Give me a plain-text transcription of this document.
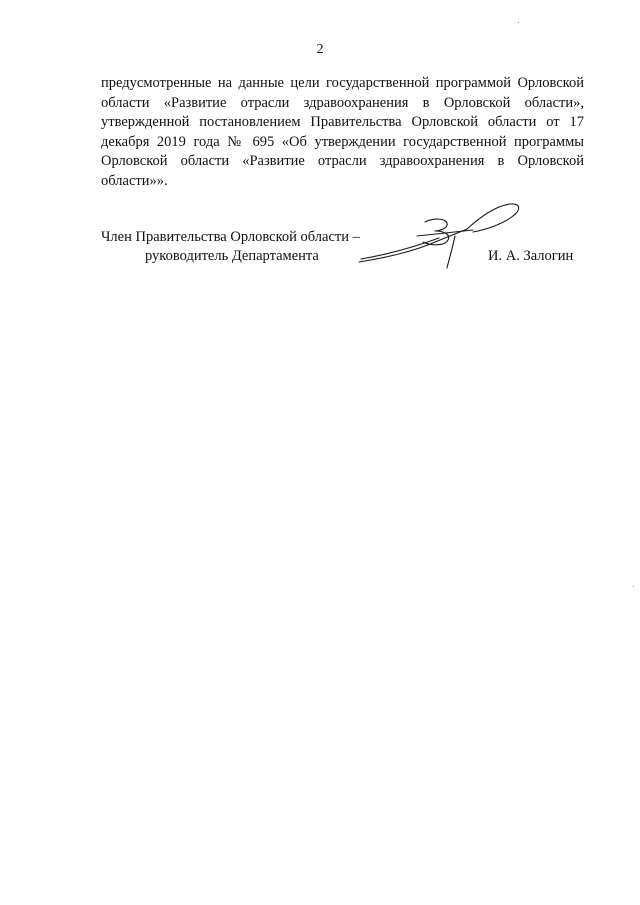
2
предусмотренные на данные цели государственной программой Орловской
области «Развитие отрасли здравоохранения в Орловской области»,
утвержденной постановлением Правительства Орловской области от 17
декабря 2019 года № 695 «Об утверждении государственной программы
Орловской области «Развитие отрасли здравоохранения в Орловской
области»».
Член Правительства Орловской области –
руководитель Департамента	И. А. Залогин
